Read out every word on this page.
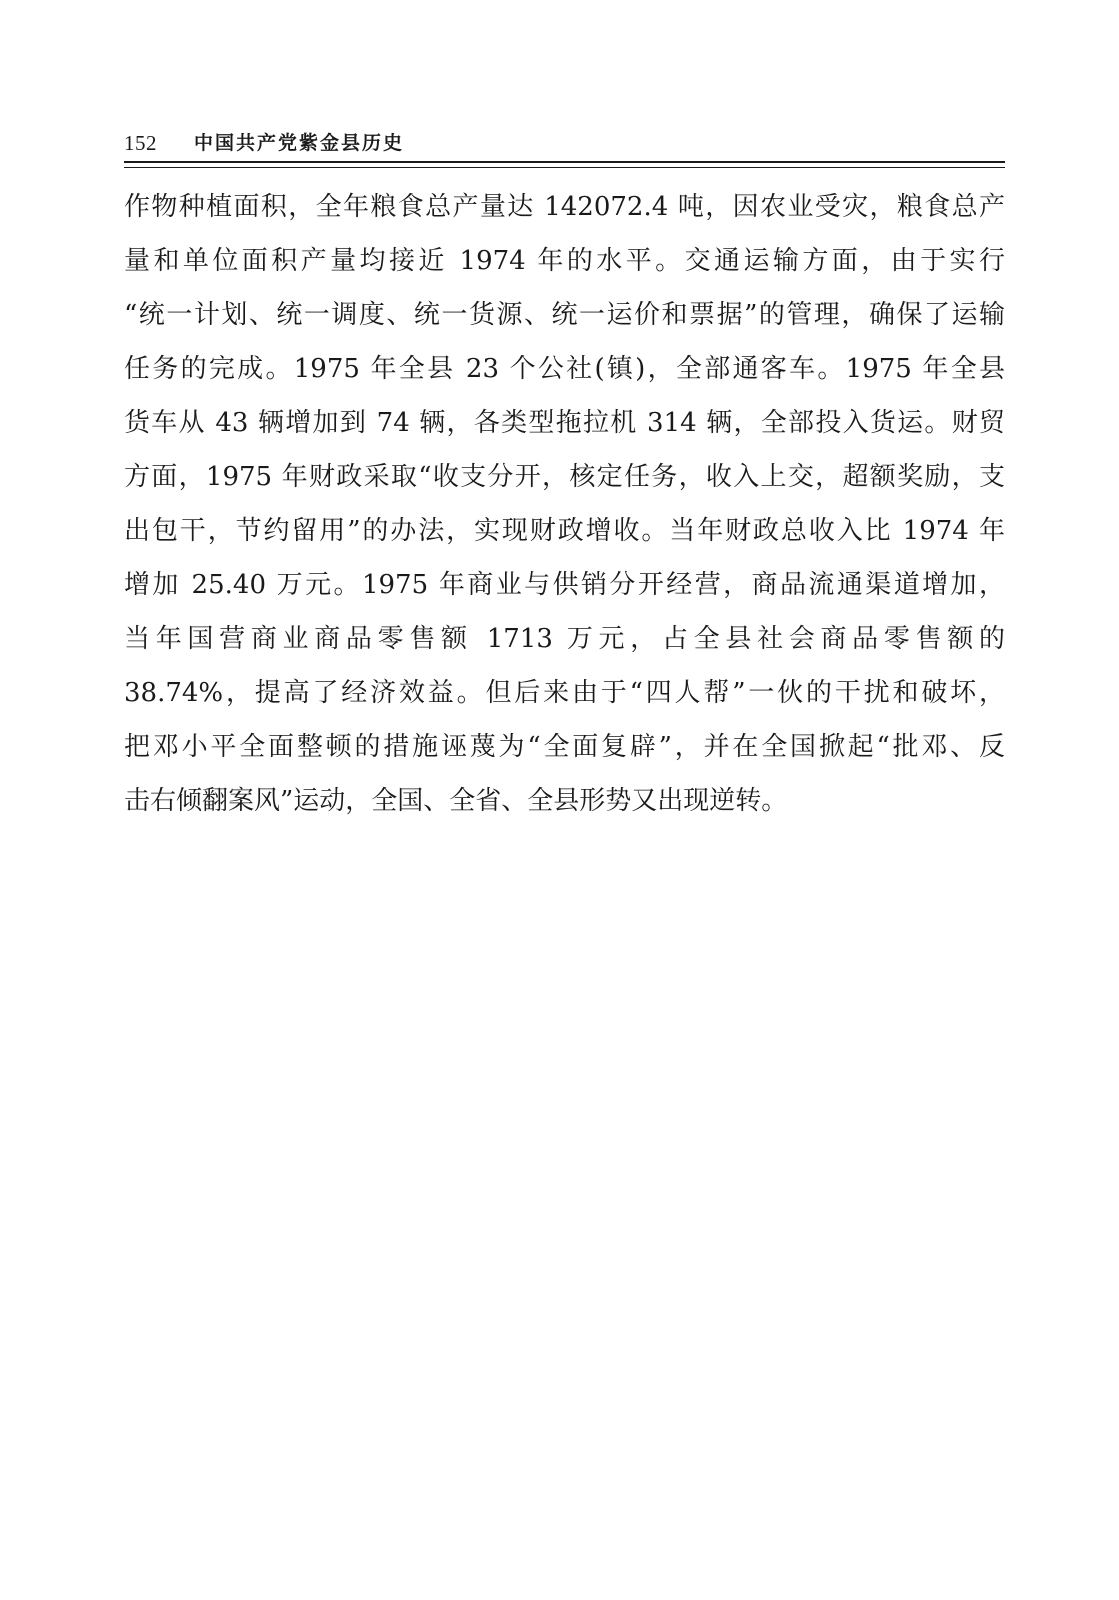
152 中国共产党紫金县历史
作物种植面积，全年粮食总产量达 142072.4 吨，因农业受灾，粮食总产
量和单位面积产量均接近 1974 年的水平。交通运输方面，由于实行
“统一计划、统一调度、统一货源、统一运价和票据”的管理，确保了运输
任务的完成。1975 年全县 23 个公社(镇)，全部通客车。1975 年全县
货车从 43 辆增加到 74 辆，各类型拖拉机 314 辆，全部投入货运。财贸
方面，1975 年财政采取“收支分开，核定任务，收入上交，超额奖励，支
出包干，节约留用”的办法，实现财政增收。当年财政总收入比 1974 年
增加 25.40 万元。1975 年商业与供销分开经营，商品流通渠道增加，
当年国营商业商品零售额 1713 万元，占全县社会商品零售额的
38.74%，提高了经济效益。但后来由于“四人帮”一伙的干扰和破坏，
把邓小平全面整顿的措施诬蔑为“全面复辟”，并在全国掀起“批邓、反
击右倾翻案风”运动，全国、全省、全县形势又出现逆转。
